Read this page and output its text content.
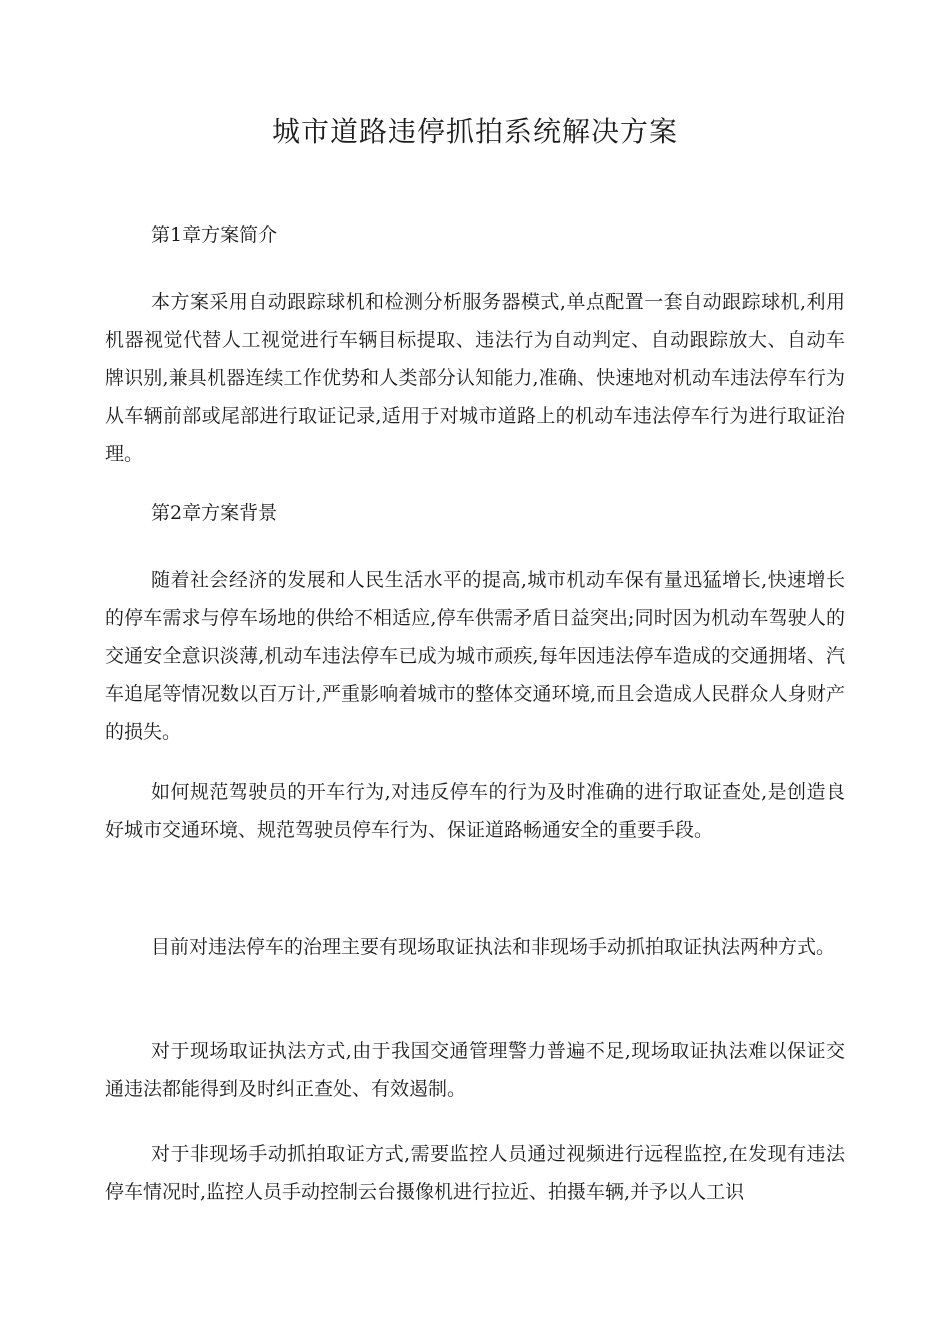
城市道路违停抓拍系统解决方案

第1章方案简介

本方案采用自动跟踪球机和检测分析服务器模式,单点配置一套自动跟踪球机,利用机器视觉代替人工视觉进行车辆目标提取、违法行为自动判定、自动跟踪放大、自动车牌识别,兼具机器连续工作优势和人类部分认知能力,准确、快速地对机动车违法停车行为从车辆前部或尾部进行取证记录,适用于对城市道路上的机动车违法停车行为进行取证治理。

第2章方案背景

随着社会经济的发展和人民生活水平的提高,城市机动车保有量迅猛增长,快速增长的停车需求与停车场地的供给不相适应,停车供需矛盾日益突出;同时因为机动车驾驶人的交通安全意识淡薄,机动车违法停车已成为城市顽疾,每年因违法停车造成的交通拥堵、汽车追尾等情况数以百万计,严重影响着城市的整体交通环境,而且会造成人民群众人身财产的损失。

如何规范驾驶员的开车行为,对违反停车的行为及时准确的进行取证查处,是创造良好城市交通环境、规范驾驶员停车行为、保证道路畅通安全的重要手段。

目前对违法停车的治理主要有现场取证执法和非现场手动抓拍取证执法两种方式。

对于现场取证执法方式,由于我国交通管理警力普遍不足,现场取证执法难以保证交通违法都能得到及时纠正查处、有效遏制。

对于非现场手动抓拍取证方式,需要监控人员通过视频进行远程监控,在发现有违法停车情况时,监控人员手动控制云台摄像机进行拉近、拍摄车辆,并予以人工识
